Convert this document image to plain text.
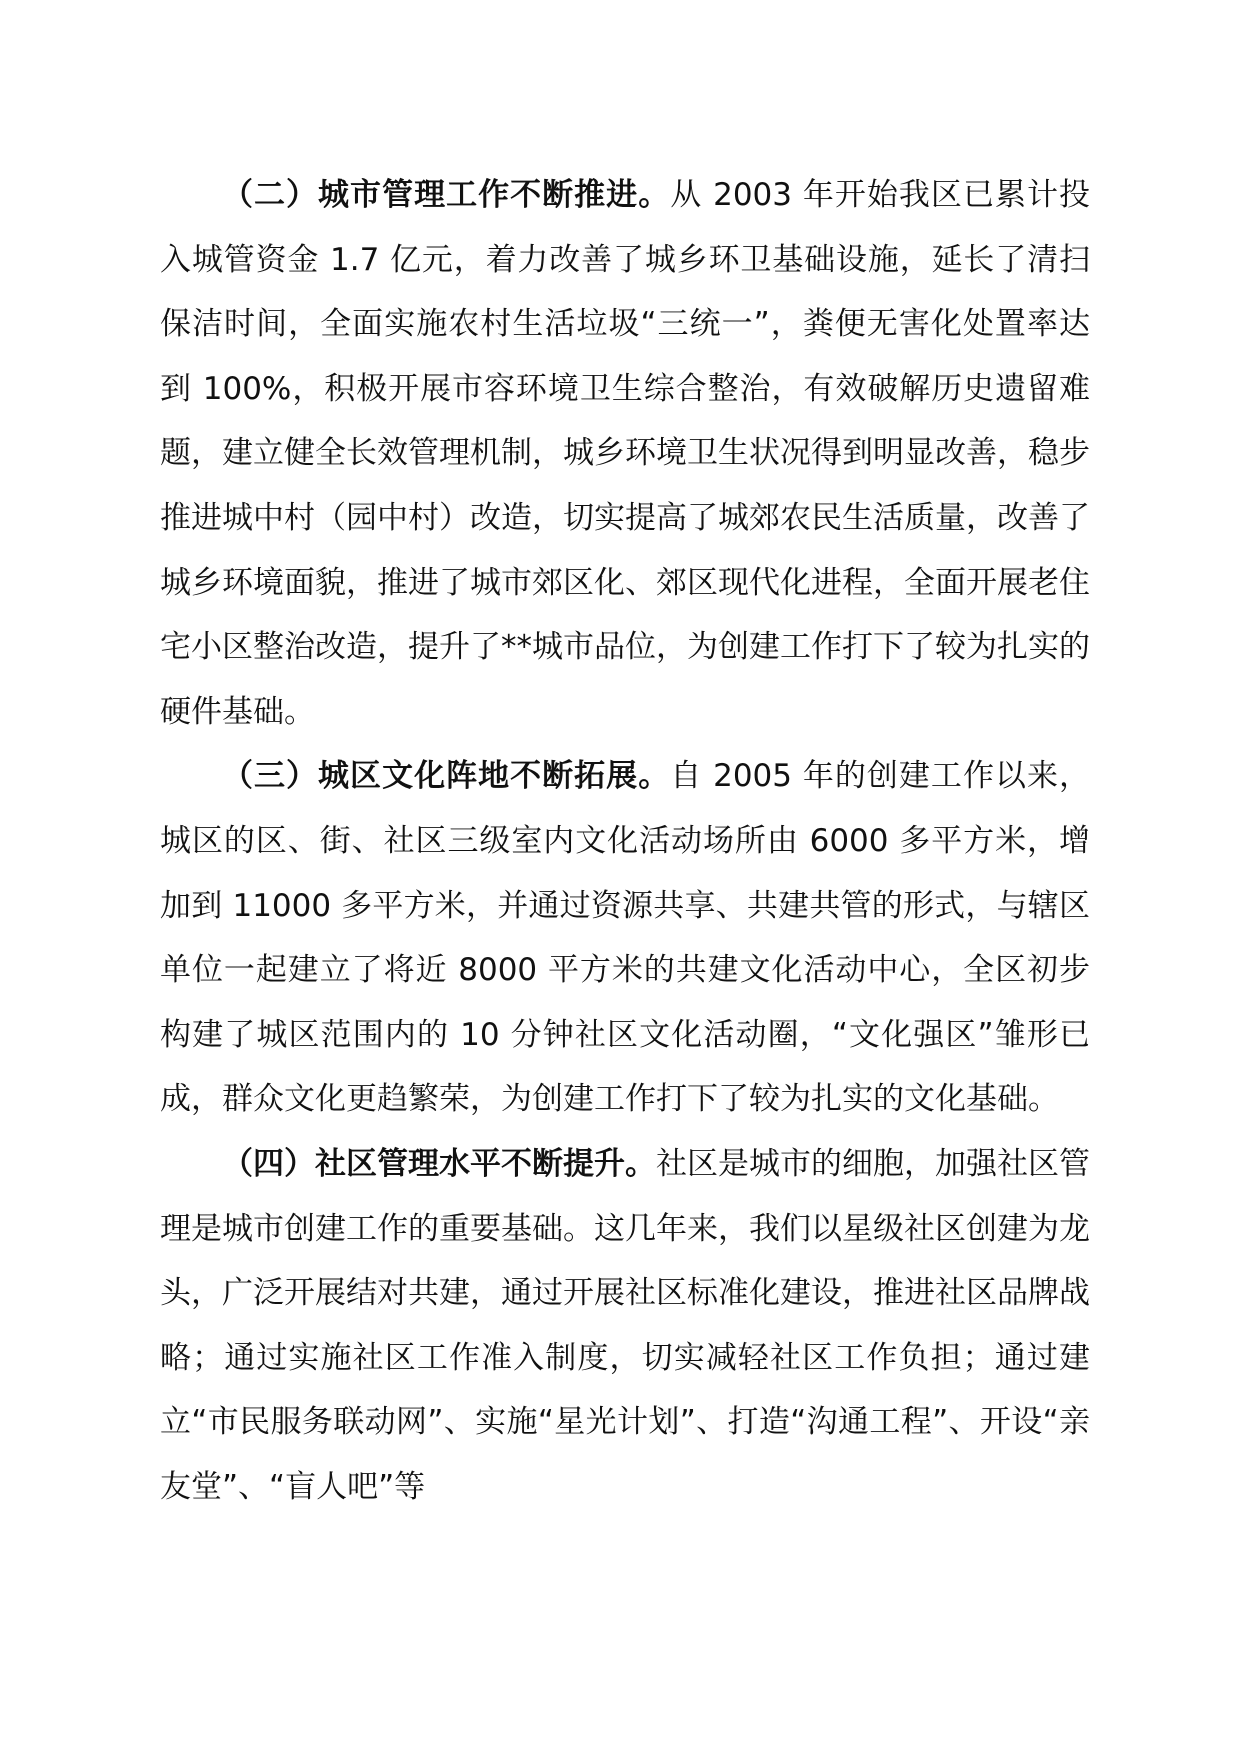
（二）城市管理工作不断推进。从 2003 年开始我区已累计投入城管资金 1.7 亿元，着力改善了城乡环卫基础设施，延长了清扫保洁时间，全面实施农村生活垃圾“三统一”，粪便无害化处置率达到 100%，积极开展市容环境卫生综合整治，有效破解历史遗留难题，建立健全长效管理机制，城乡环境卫生状况得到明显改善，稳步推进城中村（园中村）改造，切实提高了城郊农民生活质量，改善了城乡环境面貌，推进了城市郊区化、郊区现代化进程，全面开展老住宅小区整治改造，提升了**城市品位，为创建工作打下了较为扎实的硬件基础。

（三）城区文化阵地不断拓展。自 2005 年的创建工作以来，城区的区、街、社区三级室内文化活动场所由 6000 多平方米，增加到 11000 多平方米，并通过资源共享、共建共管的形式，与辖区单位一起建立了将近 8000 平方米的共建文化活动中心，全区初步构建了城区范围内的 10 分钟社区文化活动圈，“文化强区”雏形已成，群众文化更趋繁荣，为创建工作打下了较为扎实的文化基础。

（四）社区管理水平不断提升。社区是城市的细胞，加强社区管理是城市创建工作的重要基础。这几年来，我们以星级社区创建为龙头，广泛开展结对共建，通过开展社区标准化建设，推进社区品牌战略；通过实施社区工作准入制度，切实减轻社区工作负担；通过建立“市民服务联动网”、实施“星光计划”、打造“沟通工程”、开设“亲友堂”、“盲人吧”等
